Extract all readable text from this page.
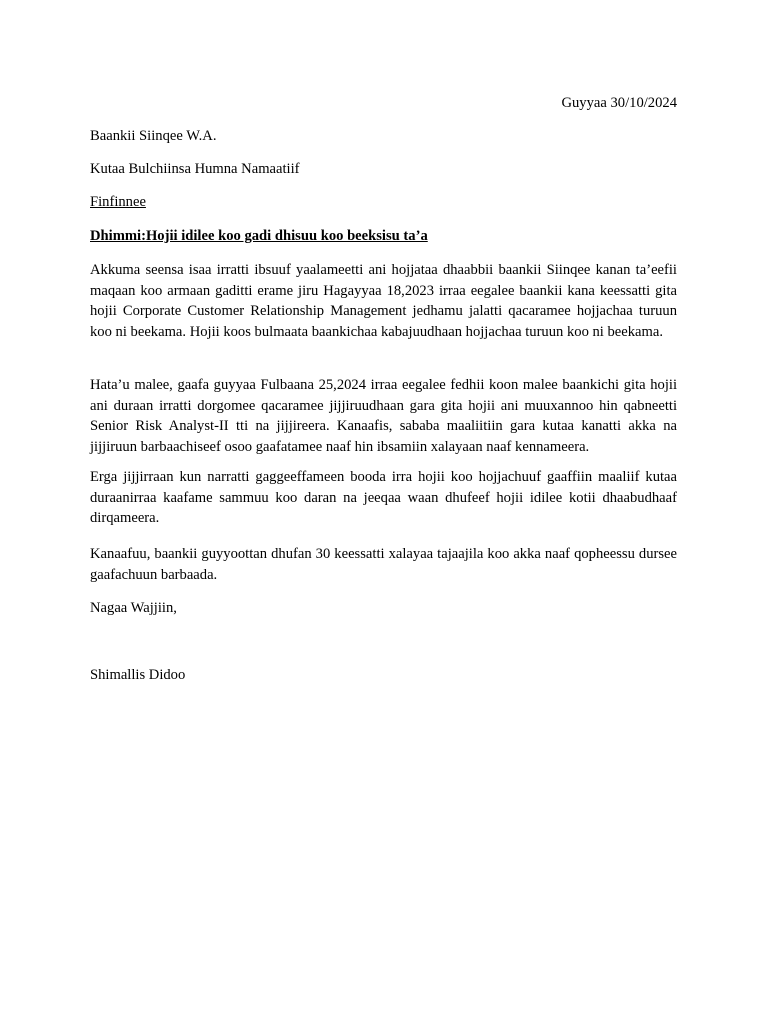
Guyyaa 30/10/2024
Baankii Siinqee W.A.
Kutaa Bulchiinsa Humna Namaatiif
Finfinnee
Dhimmi:Hojii idilee koo gadi dhisuu koo beeksisu ta’a

Akkuma seensa isaa irratti ibsuuf yaalameetti ani hojjataa dhaabbii baankii Siinqee kanan ta’eefii maqaan koo armaan gaditti erame jiru Hagayyaa 18,2023 irraa eegalee baankii kana keessatti gita hojii Corporate Customer Relationship Management jedhamu jalatti qacaramee hojjachaa turuun koo ni beekama. Hojii koos bulmaata baankichaa kabajuudhaan hojjachaa turuun koo ni beekama.

Hata’u malee, gaafa guyyaa Fulbaana 25,2024 irraa eegalee fedhii koon malee baankichi gita hojii ani duraan irratti dorgomee qacaramee jijjiruudhaan gara gita hojii ani muuxannoo hin qabneetti Senior Risk Analyst-II tti na jijjireera. Kanaafis, sababa maaliitiin gara kutaa kanatti akka na jijjiruun barbaachiseef osoo gaafatamee naaf hin ibsamiin xalayaan naaf kennameera.

Erga jijjirraan kun narratti gaggeeffameen booda irra hojii koo hojjachuuf gaaffiin maaliif kutaa duraanirraa kaafame sammuu koo daran na jeeqaa waan dhufeef hojii idilee kotii dhaabudhaaf dirqameera.

Kanaafuu, baankii guyyoottan dhufan 30 keessatti xalayaa tajaajila koo akka naaf qopheessu dursee gaafachuun barbaada.

Nagaa Wajjiin,
Shimallis Didoo
